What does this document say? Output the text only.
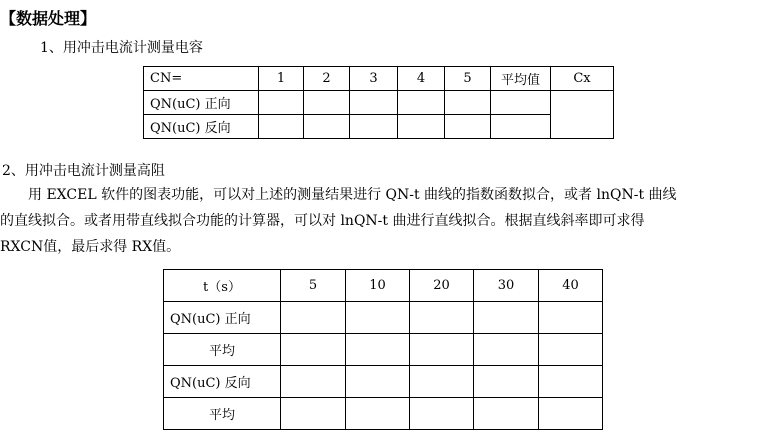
【数据处理】
1、用冲击电流计测量电容
CN=	1	2	3	4	5	平均值	Cx
QN(uC) 正向							
QN(uC) 反向							
2、用冲击电流计测量高阻
　　用 EXCEL 软件的图表功能，可以对上述的测量结果进行 QN-t 曲线的指数函数拟合，或者 lnQN-t 曲线
的直线拟合。或者用带直线拟合功能的计算器，可以对 lnQN-t 曲进行直线拟合。根据直线斜率即可求得
RXCN值，最后求得 RX值。
t（s）	5	10	20	30	40
QN(uC) 正向					
平均					
QN(uC) 反向					
平均					
